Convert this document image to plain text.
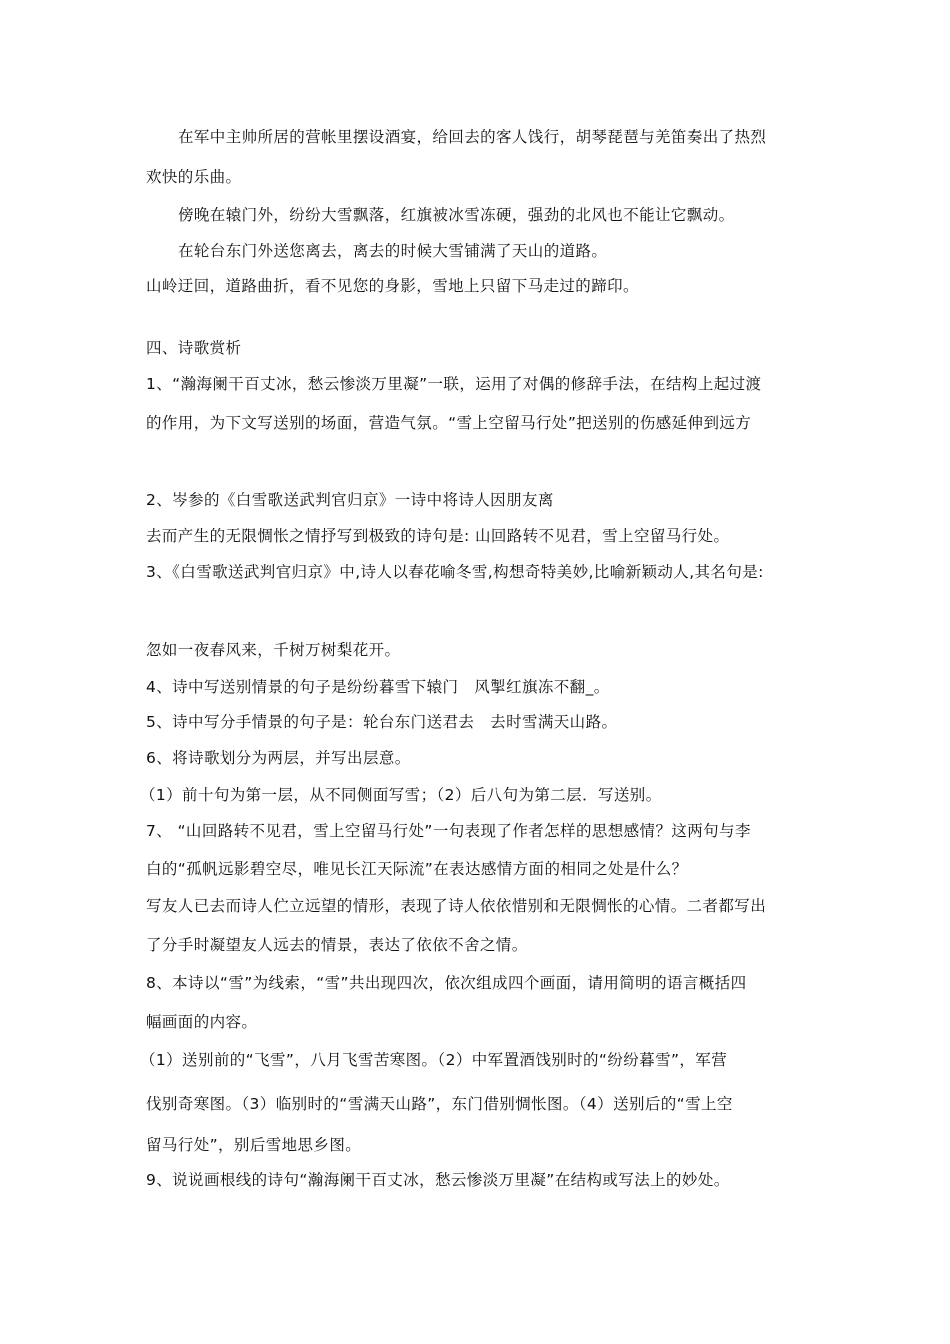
在军中主帅所居的营帐里摆设酒宴，给回去的客人饯行，胡琴琵琶与羌笛奏出了热烈
欢快的乐曲。
傍晚在辕门外，纷纷大雪飘落，红旗被冰雪冻硬，强劲的北风也不能让它飘动。
在轮台东门外送您离去，离去的时候大雪铺满了天山的道路。
山岭迂回，道路曲折，看不见您的身影，雪地上只留下马走过的蹄印。
四、诗歌赏析
1、“瀚海阑干百丈冰，愁云惨淡万里凝”一联，运用了对偶的修辞手法，在结构上起过渡
的作用，为下文写送别的场面，营造气氛。“雪上空留马行处”把送别的伤感延伸到远方
2、岑参的《白雪歌送武判官归京》一诗中将诗人因朋友离
去而产生的无限惆怅之情抒写到极致的诗句是: 山回路转不见君，雪上空留马行处。
3、《白雪歌送武判官归京》中,诗人以春花喻冬雪,构想奇特美妙,比喻新颖动人,其名句是:
忽如一夜春风来，千树万树梨花开。
4、诗中写送别情景的句子是纷纷暮雪下辕门　风掣红旗冻不翻_。
5、诗中写分手情景的句子是：轮台东门送君去　去时雪满天山路。
6、将诗歌划分为两层，并写出层意。
（1）前十句为第一层，从不同侧面写雪；（2）后八句为第二层．写送别。
7、 “山回路转不见君，雪上空留马行处”一句表现了作者怎样的思想感情？这两句与李
白的“孤帆远影碧空尽，唯见长江天际流”在表达感情方面的相同之处是什么？
写友人已去而诗人伫立远望的情形，表现了诗人依依惜别和无限惆怅的心情。二者都写出
了分手时凝望友人远去的情景，表达了依依不舍之情。
8、本诗以“雪”为线索，“雪”共出现四次，依次组成四个画面，请用简明的语言概括四
幅画面的内容。
（1）送别前的“飞雪”，八月飞雪苦寒图。（2）中军置酒饯别时的“纷纷暮雪”，军营
伐别奇寒图。（3）临别时的“雪满天山路”，东门借别惆怅图。（4）送别后的“雪上空
留马行处”，别后雪地思乡图。
9、说说画根线的诗句“瀚海阑干百丈冰，愁云惨淡万里凝”在结构或写法上的妙处。
